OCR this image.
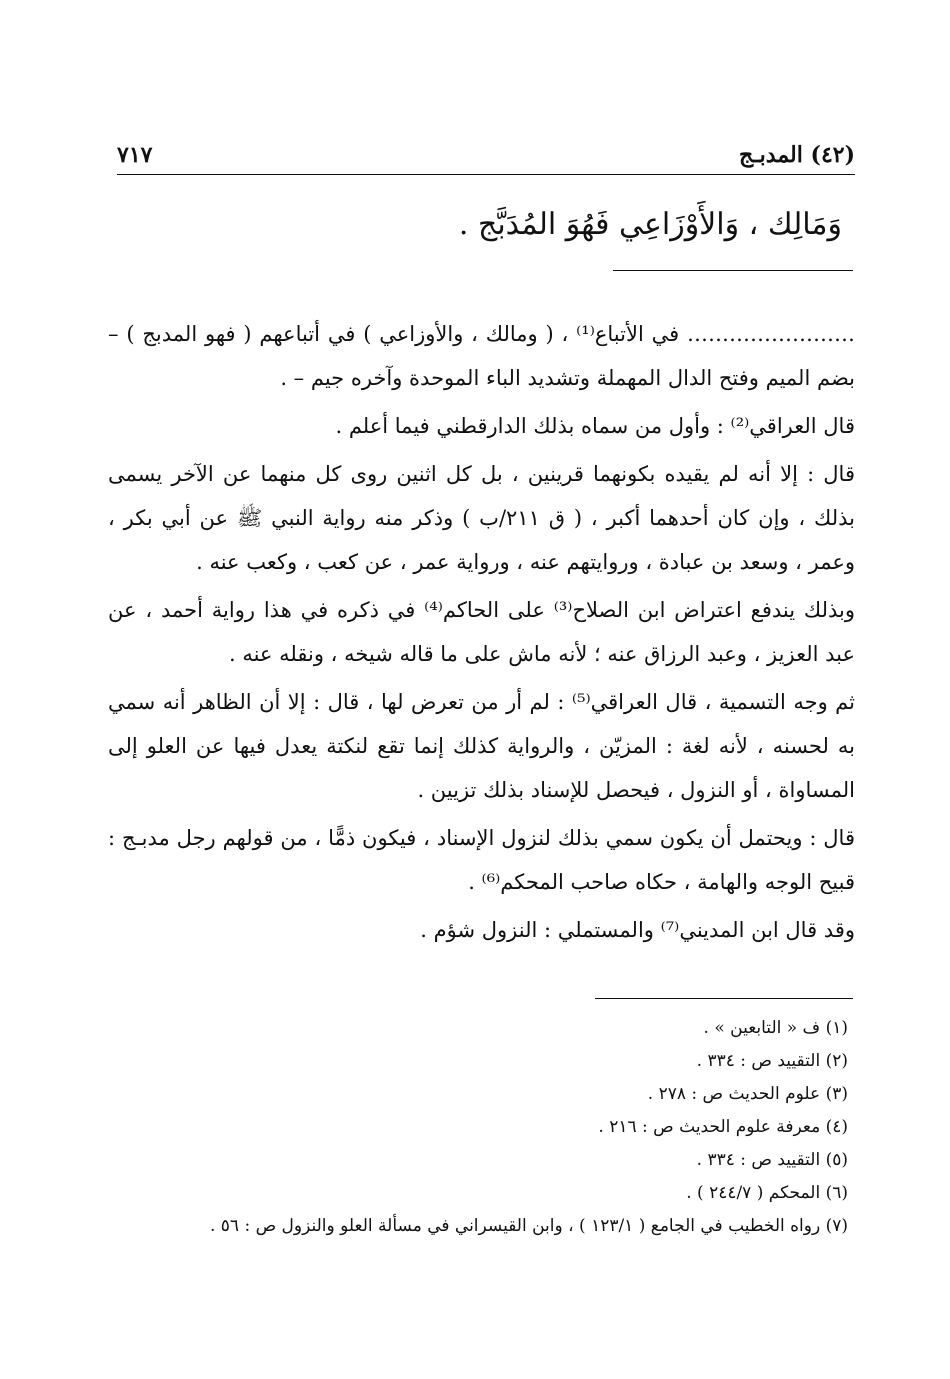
(٤٢) المدبـج
٧١٧
وَمَالِك ، وَالأَوْزَاعِي فَهُوَ المُدَبَّج .

…………………… في الأتباع⁽¹⁾ ، ( ومالك ، والأوزاعي ) في أتباعهم ( فهو المدبج ) – بضم الميم وفتح الدال المهملة وتشديد الباء الموحدة وآخره جيم – .

قال العراقي⁽²⁾ : وأول من سماه بذلك الدارقطني فيما أعلم .

قال : إلا أنه لم يقيده بكونهما قرينين ، بل كل اثنين روى كل منهما عن الآخر يسمى بذلك ، وإن كان أحدهما أكبر ، ( ق ٢١١/ب ) وذكر منه رواية النبي ﷺ عن أبي بكر ، وعمر ، وسعد بن عبادة ، وروايتهم عنه ، ورواية عمر ، عن كعب ، وكعب عنه .

وبذلك يندفع اعتراض ابن الصلاح⁽³⁾ على الحاكم⁽⁴⁾ في ذكره في هذا رواية أحمد ، عن عبد العزيز ، وعبد الرزاق عنه ؛ لأنه ماش على ما قاله شيخه ، ونقله عنه .

ثم وجه التسمية ، قال العراقي⁽⁵⁾ : لم أر من تعرض لها ، قال : إلا أن الظاهر أنه سمي به لحسنه ، لأنه لغة : المزيّن ، والرواية كذلك إنما تقع لنكتة يعدل فيها عن العلو إلى المساواة ، أو النزول ، فيحصل للإسناد بذلك تزيين .

قال : ويحتمل أن يكون سمي بذلك لنزول الإسناد ، فيكون ذمًّا ، من قولهم رجل مدبـج : قبيح الوجه والهامة ، حكاه صاحب المحكم⁽⁶⁾ .

وقد قال ابن المديني⁽⁷⁾ والمستملي : النزول شؤم .

(١) ف « التابعين » .
(٢) التقييد ص : ٣٣٤ .
(٣) علوم الحديث ص : ٢٧٨ .
(٤) معرفة علوم الحديث ص : ٢١٦ .
(٥) التقييد ص : ٣٣٤ .
(٦) المحكم ( ٢٤٤/٧ ) .
(٧) رواه الخطيب في الجامع ( ١٢٣/١ ) ، وابن القيسراني في مسألة العلو والنزول ص : ٥٦ .
